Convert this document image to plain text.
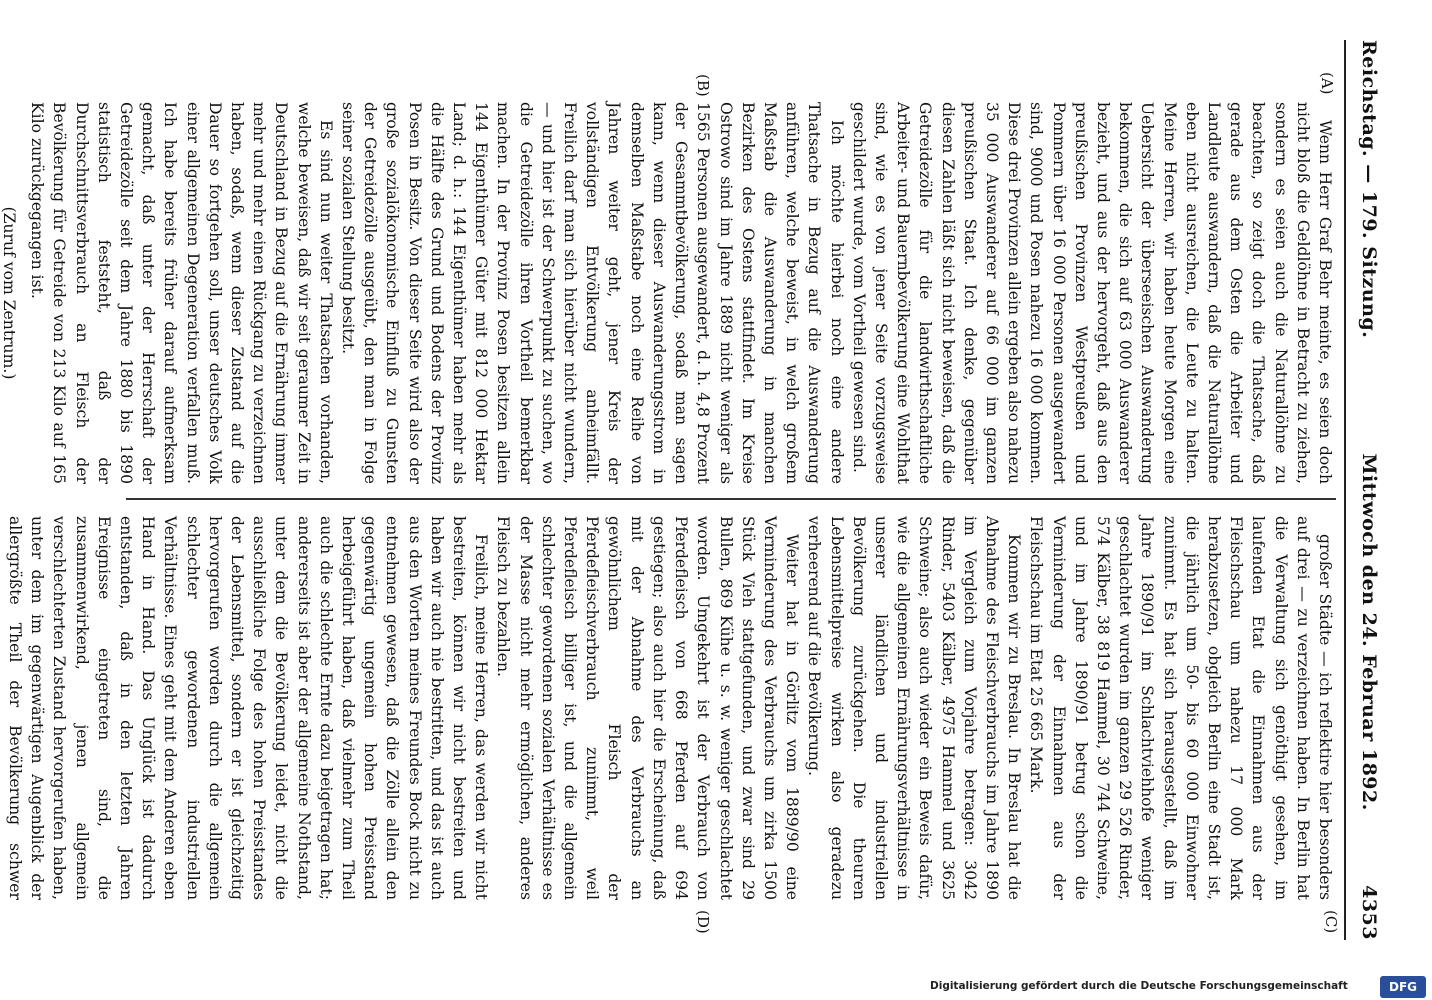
Reichstag. — 179. Sitzung.
Mittwoch den 24. Februar 1892.  4353
(A)
(B)
(C)
(D)

Wenn Herr Graf Behr meinte, es seien doch nicht bloß die Geldlöhne in Betracht zu ziehen, sondern es seien auch die Naturallöhne zu beachten, so zeigt doch die Thatsache, daß gerade aus dem Osten die Arbeiter und Landleute auswandern, daß die Naturallöhne eben nicht ausreichen, die Leute zu halten. Meine Herren, wir haben heute Morgen eine Uebersicht der überseeischen Auswanderung bekommen, die sich auf 63 000 Auswanderer bezieht, und aus der hervorgeht, daß aus den preußischen Provinzen Westpreußen und Pommern über 16 000 Personen ausgewandert sind, 9000 und Posen nahezu 16 000 kommen. Diese drei Provinzen allein ergeben also nahezu 35 000 Auswanderer auf 66 000 im ganzen preußischen Staat. Ich denke, gegenüber diesen Zahlen läßt sich nicht beweisen, daß die Getreidezölle für die landwirthschaftliche Arbeiter- und Bauernbevölkerung eine Wohlthat sind, wie es von jener Seite vorzugsweise geschildert wurde, vom Vortheil gewesen sind.

Ich möchte hierbei noch eine andere Thatsache in Bezug auf die Auswanderung anführen, welche beweist, in welch großem Maßstab die Auswanderung in manchen Bezirken des Ostens stattfindet. Im Kreise Ostrowo sind im Jahre 1889 nicht weniger als 1565 Personen ausgewandert, d. h. 4,8 Prozent der Gesammtbevölkerung, sodaß man sagen kann, wenn dieser Auswanderungsstrom in demselben Maßstabe noch eine Reihe von Jahren weiter geht, jener Kreis der vollständigen Entvölkerung anheimfällt. Freilich darf man sich hierüber nicht wundern, — und hier ist der Schwerpunkt zu suchen, wo die Getreidezölle ihren Vortheil bemerkbar machen. In der Provinz Posen besitzen allein 144 Eigenthümer Güter mit 812 000 Hektar Land; d. h.: 144 Eigenthümer haben mehr als die Hälfte des Grund und Bodens der Provinz Posen in Besitz. Von dieser Seite wird also der große sozialökonomische Einfluß zu Gunsten der Getreidezölle ausgeübt, den man in Folge seiner sozialen Stellung besitzt.

Es sind nun weiter Thatsachen vorhanden, welche beweisen, daß wir seit geraumer Zeit in Deutschland in Bezug auf die Ernährung immer mehr und mehr einen Rückgang zu verzeichnen haben, sodaß, wenn dieser Zustand auf die Dauer so fortgehen soll, unser deutsches Volk einer allgemeinen Degeneration verfallen muß. Ich habe bereits früher darauf aufmerksam gemacht, daß unter der Herrschaft der Getreidezölle seit dem Jahre 1880 bis 1890 statistisch feststeht, daß der Durchschnittsverbrauch an Fleisch der Bevölkerung für Getreide von 213 Kilo auf 165 Kilo zurückgegangen ist.

(Zuruf vom Zentrum.)

großer Städte — ich reflektire hier besonders auf drei — zu verzeichnen haben. In Berlin hat die Verwaltung sich genöthigt gesehen, im laufenden Etat die Einnahmen aus der Fleischschau um nahezu 17 000 Mark herabzusetzen, obgleich Berlin eine Stadt ist, die jährlich um 50- bis 60 000 Einwohner zunimmt. Es hat sich herausgestellt, daß im Jahre 1890/91 im Schlachtviehhofe weniger geschlachtet wurden im ganzen 29 526 Rinder, 574 Kälber, 38 819 Hammel, 30 744 Schweine, und im Jahre 1890/91 betrug schon die Verminderung der Einnahmen aus der Fleischschau im Etat 25 665 Mark.

Kommen wir zu Breslau. In Breslau hat die Abnahme des Fleischverbrauchs im Jahre 1890 im Vergleich zum Vorjahre betragen: 3042 Rinder, 5403 Kälber, 4975 Hammel und 3625 Schweine; also auch wieder ein Beweis dafür, wie die allgemeinen Ernährungsverhältnisse in unserer ländlichen und industriellen Bevölkerung zurückgehen. Die theuren Lebensmittelpreise wirken also geradezu verheerend auf die Bevölkerung.

Weiter hat in Görlitz vom 1889/90 eine Verminderung des Verbrauchs um zirka 1500 Stück Vieh stattgefunden, und zwar sind 29 Bullen, 869 Kühe u. s. w. weniger geschlachtet worden. Umgekehrt ist der Verbrauch von Pferdefleisch von 668 Pferden auf 694 gestiegen; also auch hier die Erscheinung, daß mit der Abnahme des Verbrauchs an gewöhnlichem Fleisch der Pferdefleischverbrauch zunimmt, weil Pferdefleisch billiger ist, und die allgemein schlechter gewordenen sozialen Verhältnisse es der Masse nicht mehr ermöglichen, anderes Fleisch zu bezahlen.

Freilich, meine Herren, das werden wir nicht bestreiten, können wir nicht bestreiten und haben wir auch nie bestritten, und das ist auch aus den Worten meines Freundes Bock nicht zu entnehmen gewesen, daß die Zölle allein den gegenwärtig ungemein hohen Preisstand herbeigeführt haben, daß vielmehr zum Theil auch die schlechte Ernte dazu beigetragen hat; andererseits ist aber der allgemeine Nothstand, unter dem die Bevölkerung leidet, nicht die ausschließliche Folge des hohen Preisstandes der Lebensmittel, sondern er ist gleichzeitig hervorgerufen worden durch die allgemein schlechter gewordenen industriellen Verhältnisse. Eines geht mit dem Anderen eben Hand in Hand. Das Unglück ist dadurch entstanden, daß in den letzten Jahren Ereignisse eingetreten sind, die zusammenwirkend, jenen allgemein verschlechterten Zustand hervorgerufen haben, unter dem im gegenwärtigen Augenblick der allergrößte Theil der Bevölkerung schwer

Digitalisierung gefördert durch die Deutsche Forschungsgemeinschaft	DFG
